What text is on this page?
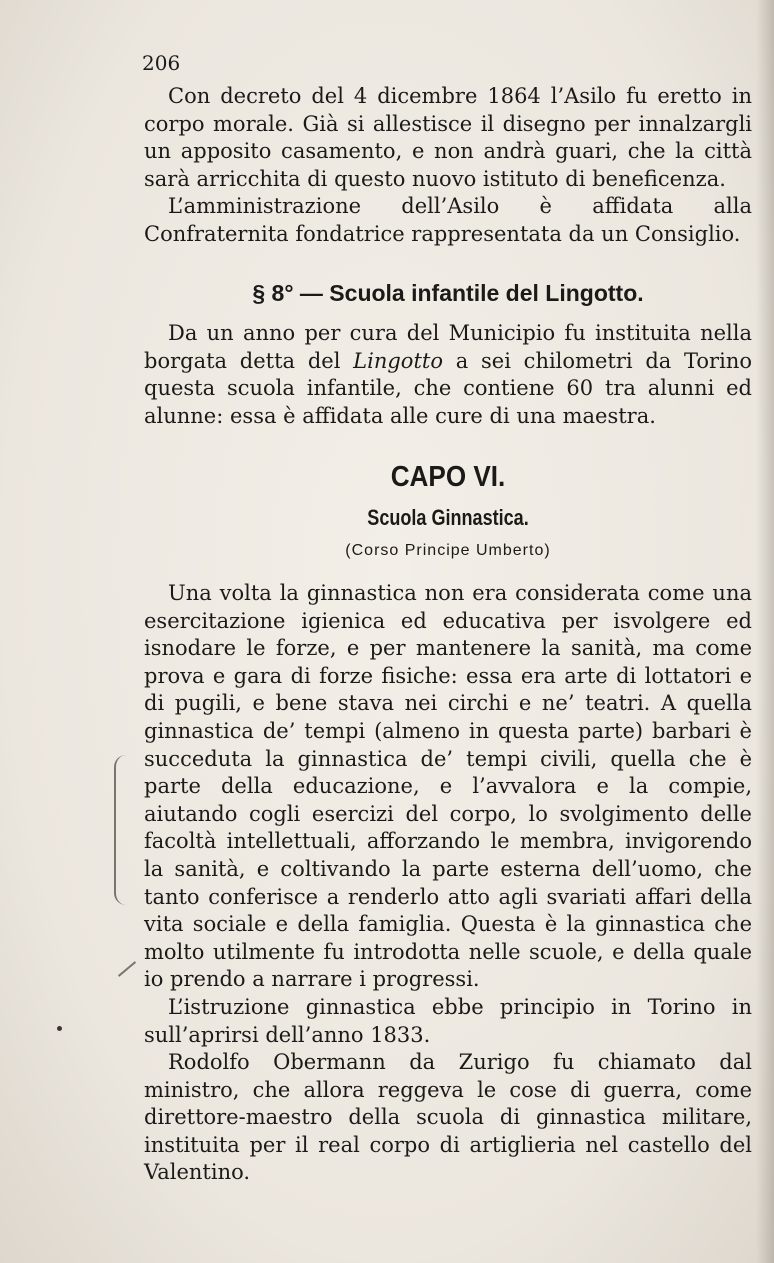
206

Con decreto del 4 dicembre 1864 l’Asilo fu eretto in corpo morale. Già si allestisce il disegno per innalzargli un apposito casamento, e non andrà guari, che la città sarà arricchita di questo nuovo istituto di beneficenza.

L’amministrazione dell’Asilo è affidata alla Confraternita fondatrice rappresentata da un Consiglio.

§ 8° — Scuola infantile del Lingotto.

Da un anno per cura del Municipio fu instituita nella borgata detta del Lingotto a sei chilometri da Torino questa scuola infantile, che contiene 60 tra alunni ed alunne: essa è affidata alle cure di una maestra.

CAPO VI.
Scuola Ginnastica.

(Corso Principe Umberto)

Una volta la ginnastica non era considerata come una esercitazione igienica ed educativa per isvolgere ed isnodare le forze, e per mantenere la sanità, ma come prova e gara di forze fisiche: essa era arte di lottatori e di pugili, e bene stava nei circhi e ne’ teatri. A quella ginnastica de’ tempi (almeno in questa parte) barbari è succeduta la ginnastica de’ tempi civili, quella che è parte della educazione, e l’avvalora e la compie, aiutando cogli esercizi del corpo, lo svolgimento delle facoltà intellettuali, afforzando le membra, invigorendo la sanità, e coltivando la parte esterna dell’uomo, che tanto conferisce a renderlo atto agli svariati affari della vita sociale e della famiglia. Questa è la ginnastica che molto utilmente fu introdotta nelle scuole, e della quale io prendo a narrare i progressi.

L’istruzione ginnastica ebbe principio in Torino in sull’aprirsi dell’anno 1833.

Rodolfo Obermann da Zurigo fu chiamato dal ministro, che allora reggeva le cose di guerra, come direttore-maestro della scuola di ginnastica militare, instituita per il real corpo di artiglieria nel castello del Valentino.
